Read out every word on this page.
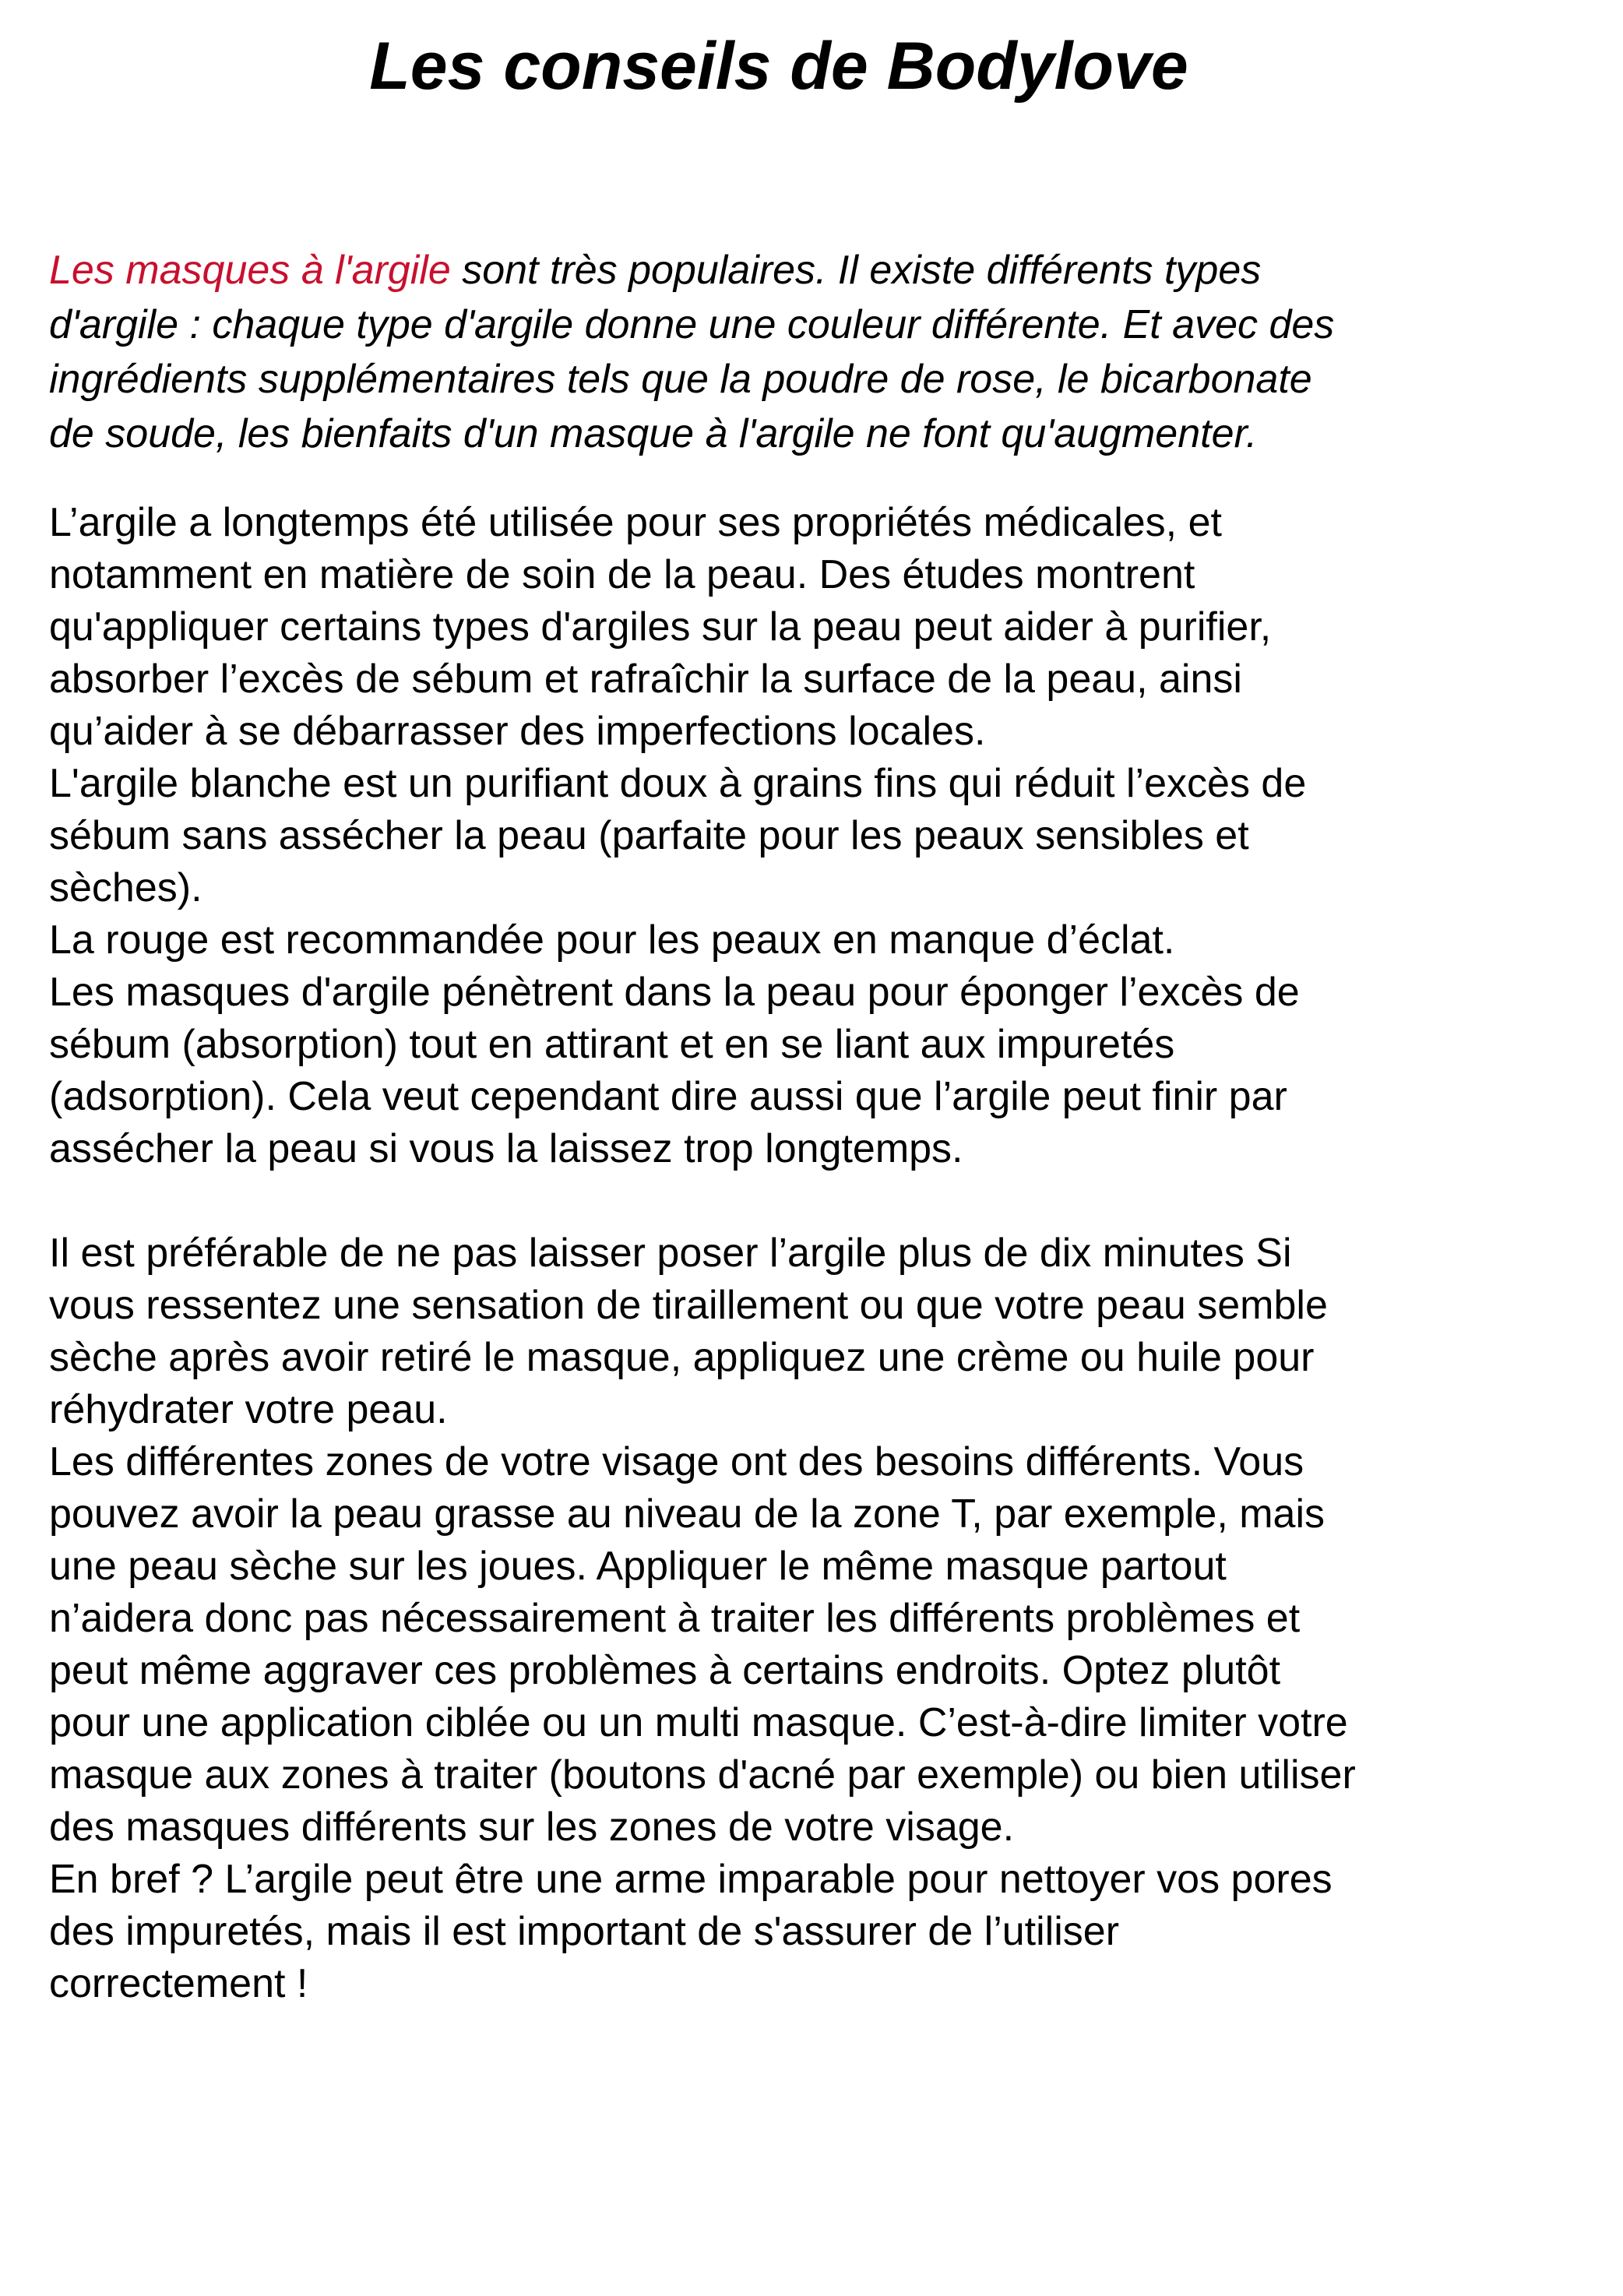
Les conseils de Bodylove

Les masques à l'argile sont très populaires. Il existe différents types
d'argile : chaque type d'argile donne une couleur différente. Et avec des
ingrédients supplémentaires tels que la poudre de rose, le bicarbonate
de soude, les bienfaits d'un masque à l'argile ne font qu'augmenter.

L’argile a longtemps été utilisée pour ses propriétés médicales, et
notamment en matière de soin de la peau. Des études montrent
qu'appliquer certains types d'argiles sur la peau peut aider à purifier,
absorber l’excès de sébum et rafraîchir la surface de la peau, ainsi
qu’aider à se débarrasser des imperfections locales.
L'argile blanche est un purifiant doux à grains fins qui réduit l’excès de
sébum sans assécher la peau (parfaite pour les peaux sensibles et
sèches).
La rouge est recommandée pour les peaux en manque d’éclat.
Les masques d'argile pénètrent dans la peau pour éponger l’excès de
sébum (absorption) tout en attirant et en se liant aux impuretés
(adsorption). Cela veut cependant dire aussi que l’argile peut finir par
assécher la peau si vous la laissez trop longtemps.
Il est préférable de ne pas laisser poser l’argile plus de dix minutes Si
vous ressentez une sensation de tiraillement ou que votre peau semble
sèche après avoir retiré le masque, appliquez une crème ou huile pour
réhydrater votre peau.
Les différentes zones de votre visage ont des besoins différents. Vous
pouvez avoir la peau grasse au niveau de la zone T, par exemple, mais
une peau sèche sur les joues. Appliquer le même masque partout
n’aidera donc pas nécessairement à traiter les différents problèmes et
peut même aggraver ces problèmes à certains endroits. Optez plutôt
pour une application ciblée ou un multi masque. C’est-à-dire limiter votre
masque aux zones à traiter (boutons d'acné par exemple) ou bien utiliser
des masques différents sur les zones de votre visage.
En bref ? L’argile peut être une arme imparable pour nettoyer vos pores
des impuretés, mais il est important de s'assurer de l’utiliser
correctement !
